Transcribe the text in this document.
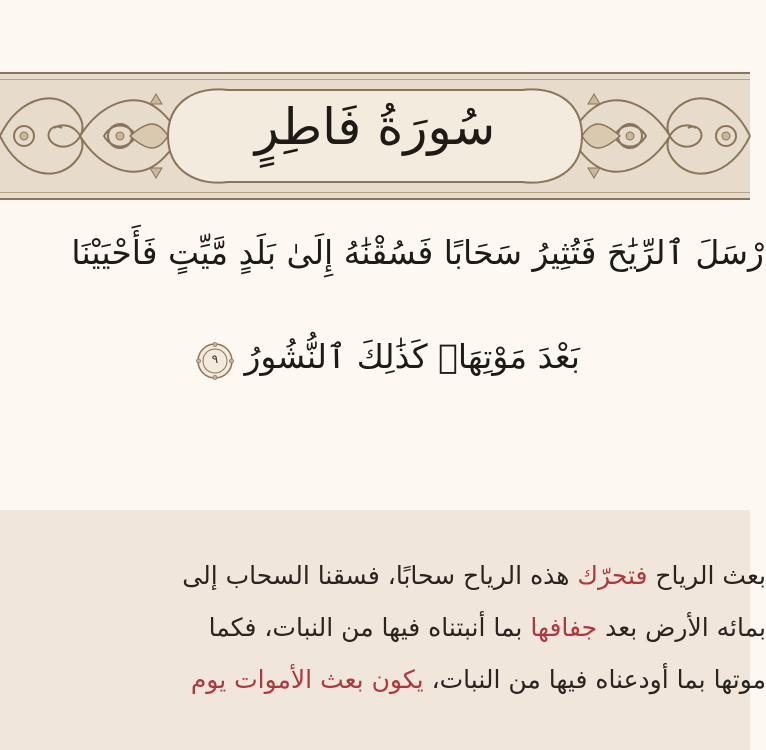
سُورَةُ فَاطِرٍ
رْسَلَ ٱلرِّيَٰحَ فَتُثِيرُ سَحَابًا فَسُقْنَٰهُ إِلَىٰ بَلَدٍ مَّيِّتٍ فَأَحْيَيْنَا
بَعْدَ مَوْتِهَاۚ كَذَٰلِكَ ٱلنُّشُورُ
٩
بعث الرياح فتحرّك هذه الرياح سحابًا، فسقنا السحاب إلى
بمائه الأرض بعد جفافها بما أنبتناه فيها من النبات، فكما
موتها بما أودعناه فيها من النبات، يكون بعث الأموات يوم
